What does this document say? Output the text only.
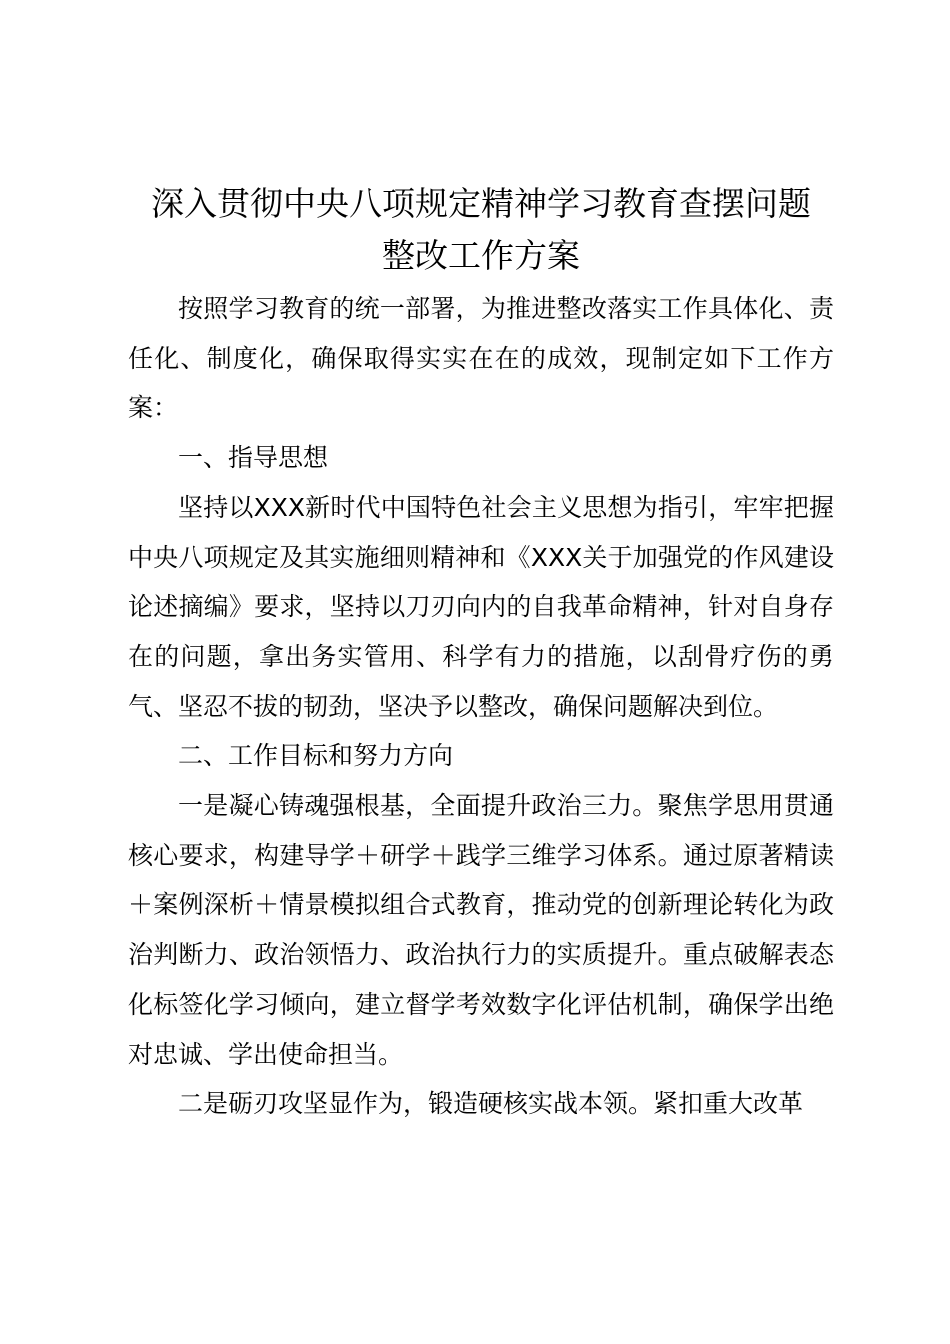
深入贯彻中央八项规定精神学习教育查摆问题
整改工作方案

按照学习教育的统一部署，为推进整改落实工作具体化、责任化、制度化，确保取得实实在在的成效，现制定如下工作方案：

一、指导思想

坚持以XXX新时代中国特色社会主义思想为指引，牢牢把握中央八项规定及其实施细则精神和《XXX关于加强党的作风建设论述摘编》要求，坚持以刀刃向内的自我革命精神，针对自身存在的问题，拿出务实管用、科学有力的措施，以刮骨疗伤的勇气、坚忍不拔的韧劲，坚决予以整改，确保问题解决到位。

二、工作目标和努力方向

一是凝心铸魂强根基，全面提升政治三力。聚焦学思用贯通核心要求，构建导学＋研学＋践学三维学习体系。通过原著精读＋案例深析＋情景模拟组合式教育，推动党的创新理论转化为政治判断力、政治领悟力、政治执行力的实质提升。重点破解表态化标签化学习倾向，建立督学考效数字化评估机制，确保学出绝对忠诚、学出使命担当。

二是砺刃攻坚显作为，锻造硬核实战本领。紧扣重大改革
